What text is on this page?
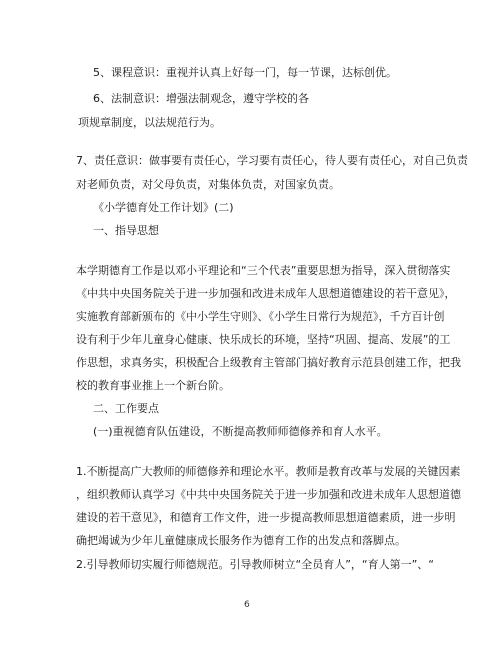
5、课程意识：重视并认真上好每一门，每一节课，达标创优。
6、法制意识：增强法制观念，遵守学校的各
项规章制度，以法规范行为。
7、责任意识：做事要有责任心，学习要有责任心，待人要有责任心，对自己负责
对老师负责，对父母负责，对集体负责，对国家负责。
《小学德育处工作计划》(二)
一、指导思想
本学期德育工作是以邓小平理论和“三个代表”重要思想为指导，深入贯彻落实
《中共中央国务院关于进一步加强和改进未成年人思想道德建设的若干意见》，
实施教育部新颁布的《中小学生守则》、《小学生日常行为规范》，千方百计创
设有利于少年儿童身心健康、快乐成长的环境，坚持“巩固、提高、发展”的工
作思想，求真务实，积极配合上级教育主管部门搞好教育示范县创建工作，把我
校的教育事业推上一个新台阶。
二、工作要点
(一)重视德育队伍建设，不断提高教师师德修养和育人水平。
1.不断提高广大教师的师德修养和理论水平。教师是教育改革与发展的关键因素
，组织教师认真学习《中共中央国务院关于进一步加强和改进未成年人思想道德
建设的若干意见》，和德育工作文件，进一步提高教师思想道德素质，进一步明
确把竭诚为少年儿童健康成长服务作为德育工作的出发点和落脚点。
2.引导教师切实履行师德规范。引导教师树立“全员育人”，“育人第一”、“
6
